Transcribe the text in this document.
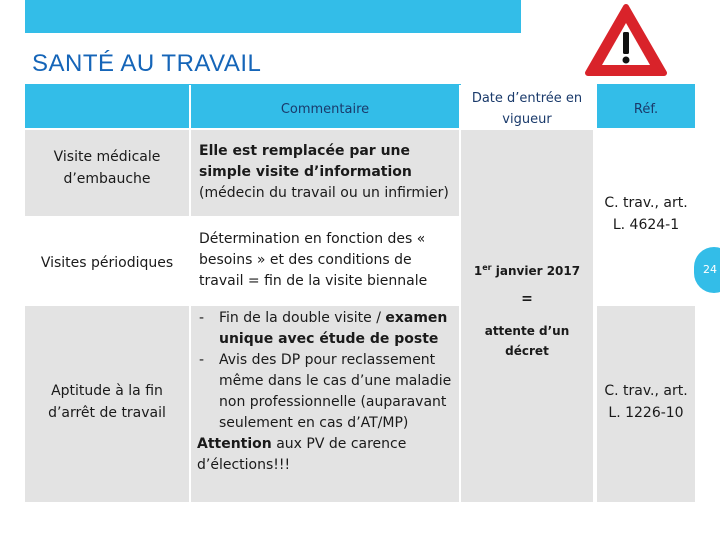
SANTÉ AU TRAVAIL
Commentaire
Date d’entrée en vigueur
Réf.
Visite médicale d’embauche
Elle est remplacée par une simple visite d’information (médecin du travail ou un infirmier)
Visites périodiques
Détermination en fonction des « besoins » et des conditions de travail = fin de la visite biennale
Aptitude à la fin d’arrêt de travail
- Fin de la double visite / examen unique avec étude de poste
- Avis des DP pour reclassement même dans le cas d’une maladie non professionnelle (auparavant seulement en cas d’AT/MP)
Attention aux PV de carence d’élections!!!
1er janvier 2017
=
attente d’un décret
C. trav., art. L. 4624-1
C. trav., art. L. 1226-10
24
